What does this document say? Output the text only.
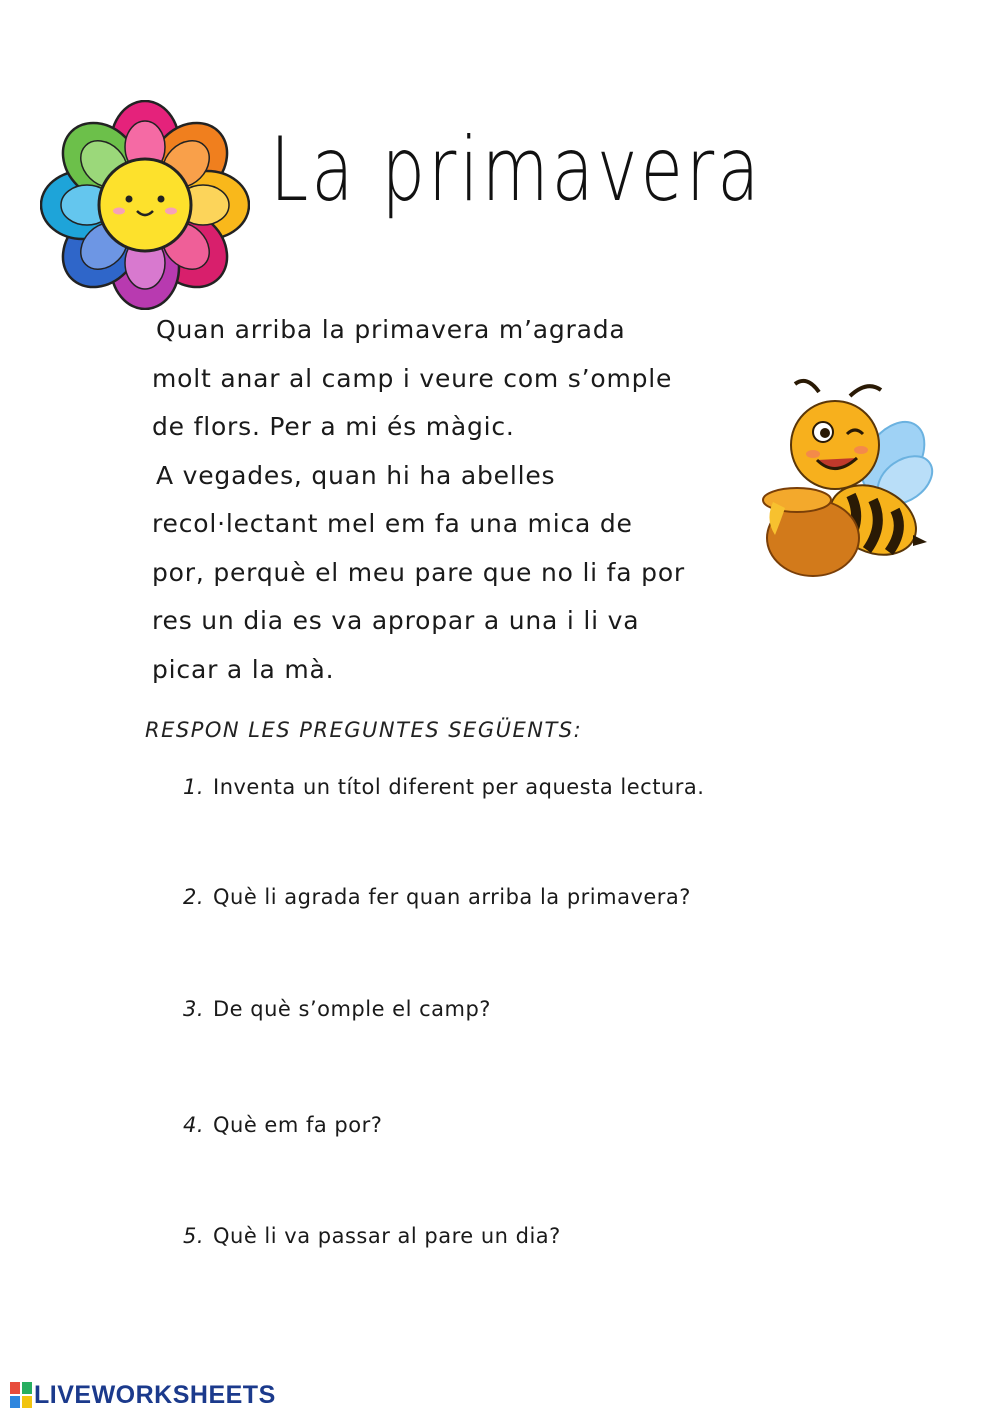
La primavera

Quan arriba la primavera m’agrada molt anar al camp i veure com s’omple de flors. Per a mi és màgic.

A vegades, quan hi ha abelles recol·lectant mel em fa una mica de por, perquè el meu pare que no li fa por res un dia es va apropar a una i li va picar a la mà.

RESPON LES PREGUNTES SEGÜENTS:
1. Inventa un títol diferent per aquesta lectura.
2. Què li agrada fer quan arriba la primavera?
3. De què s’omple el camp?
4. Què em fa por?
5. Què li va passar al pare un dia?
LIVEWORKSHEETS
